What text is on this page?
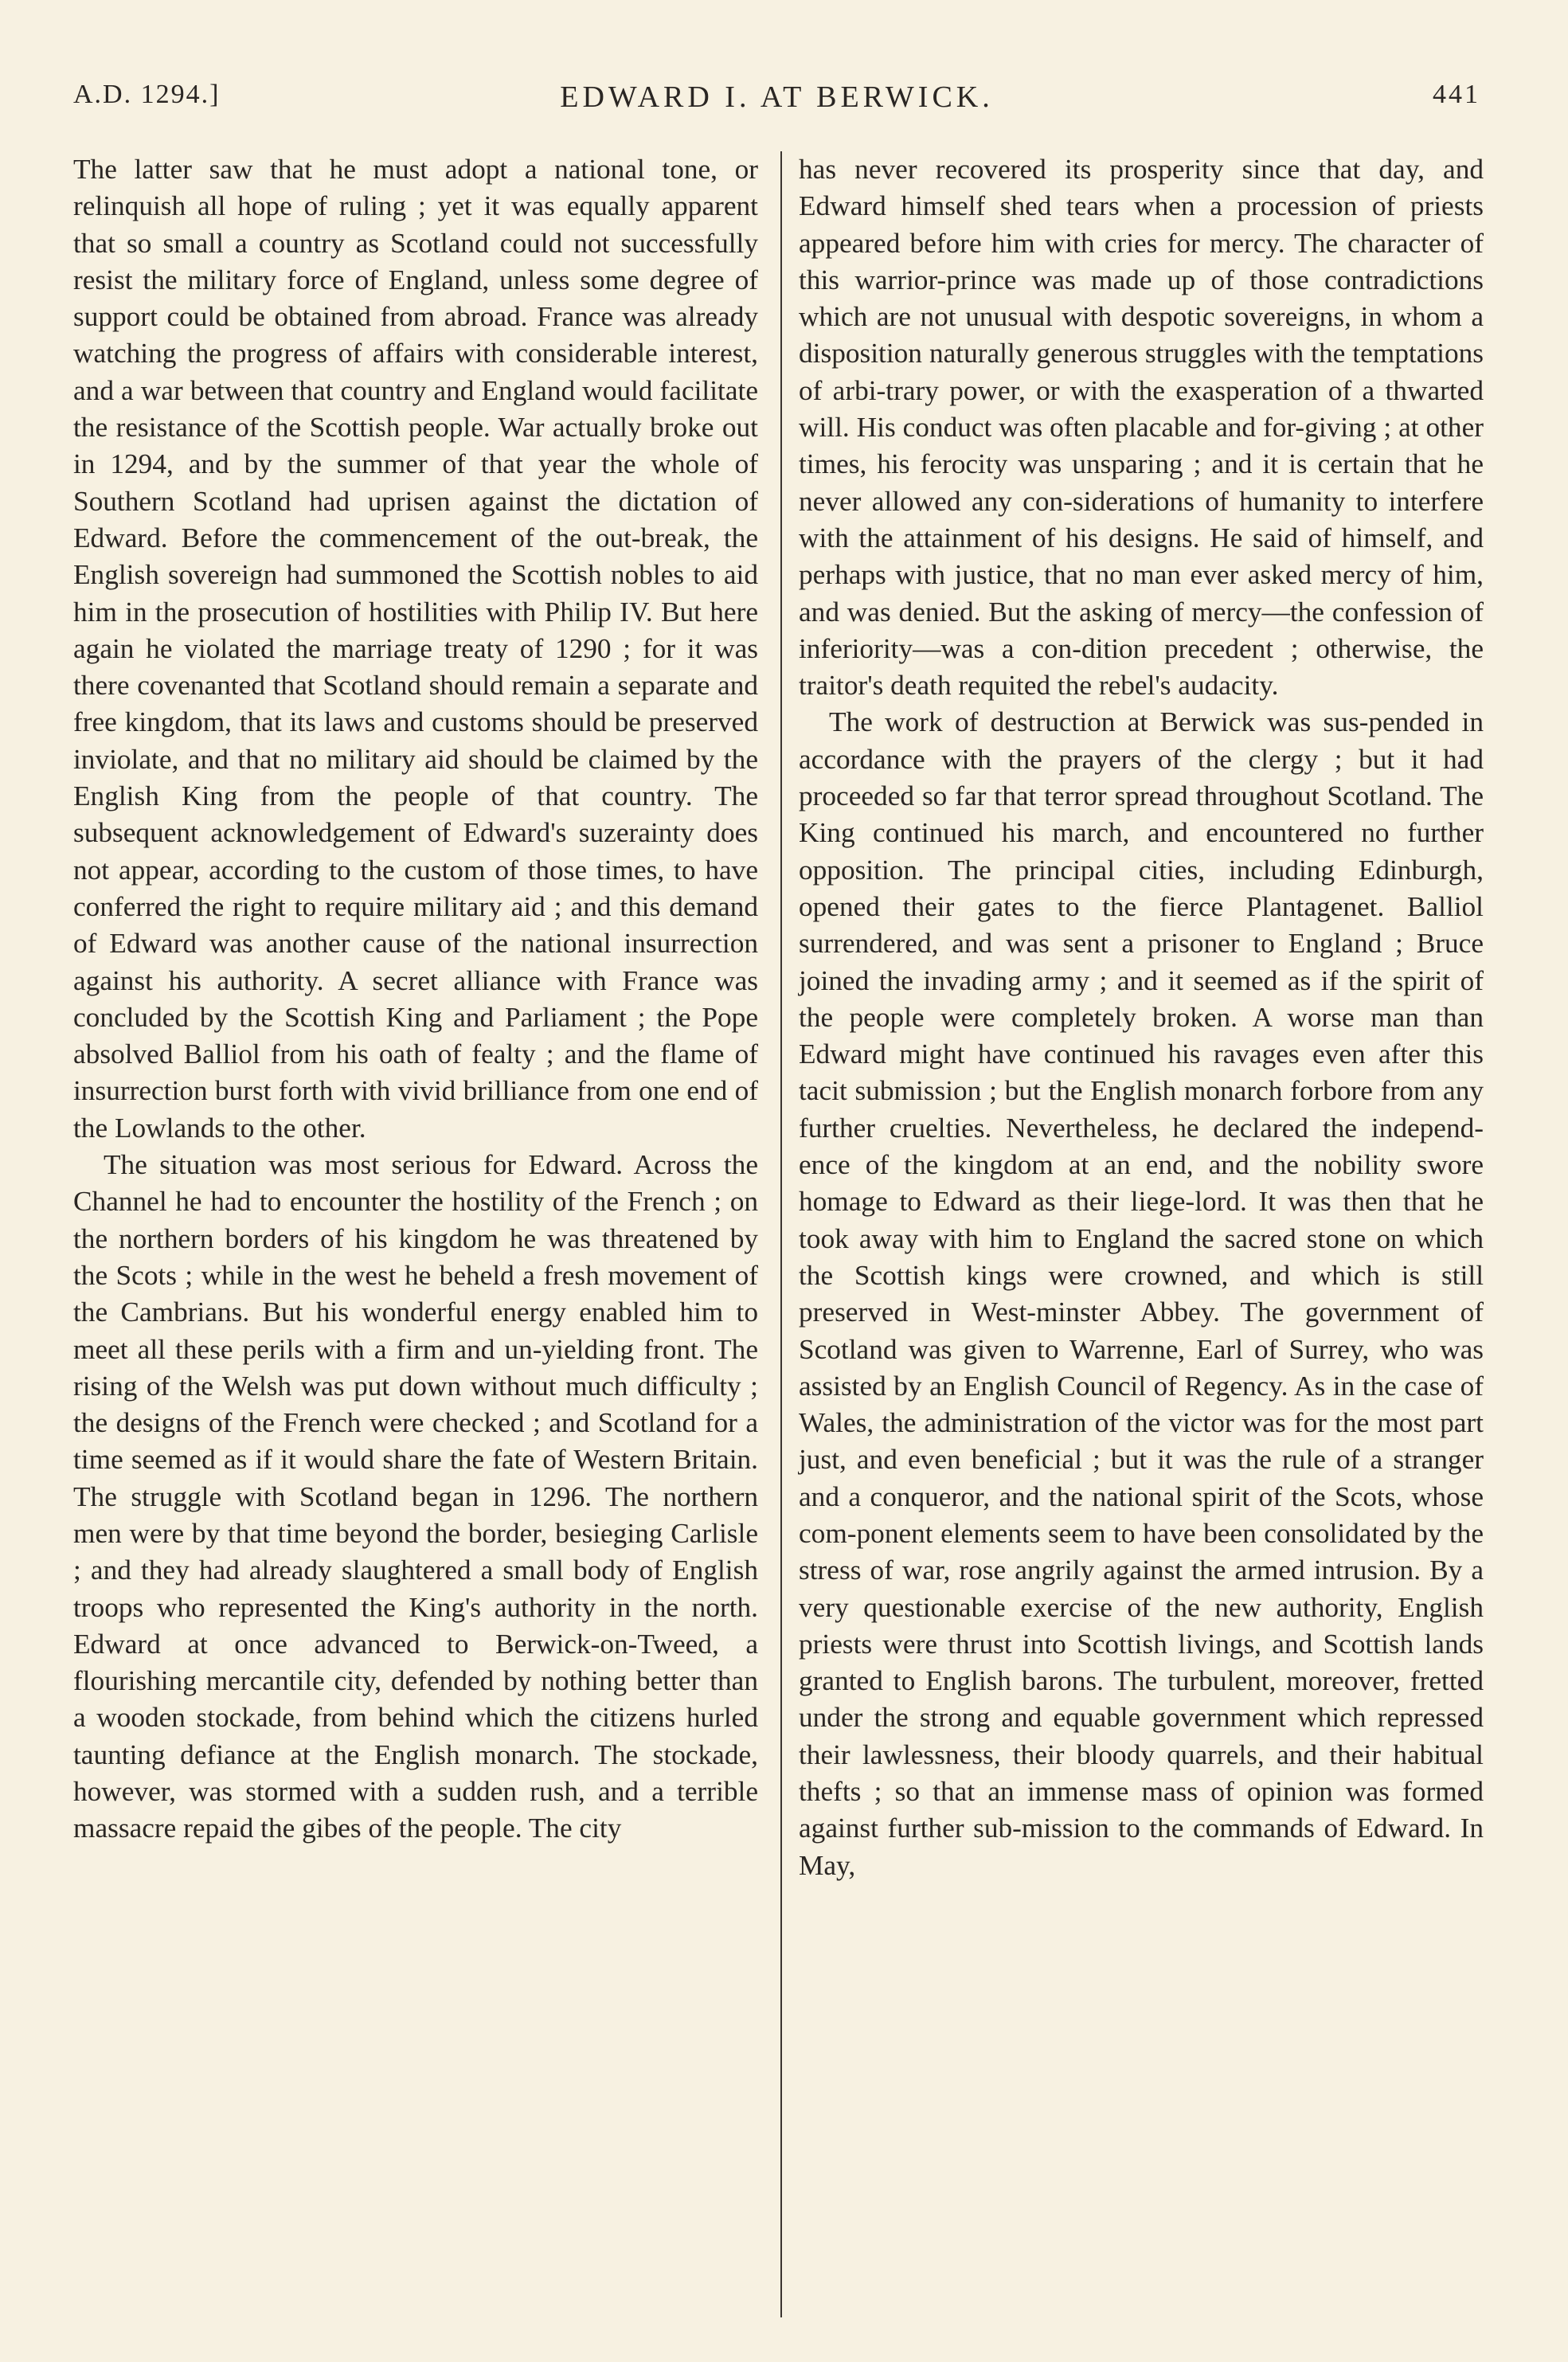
A.D. 1294.]	EDWARD I. AT BERWICK.	441

The latter saw that he must adopt a national tone, or relinquish all hope of ruling ; yet it was equally apparent that so small a country as Scotland could not successfully resist the military force of England, unless some degree of support could be obtained from abroad. France was already watching the progress of affairs with considerable interest, and a war between that country and England would facilitate the resistance of the Scottish people. War actually broke out in 1294, and by the summer of that year the whole of Southern Scotland had uprisen against the dictation of Edward. Before the commencement of the out-break, the English sovereign had summoned the Scottish nobles to aid him in the prosecution of hostilities with Philip IV. But here again he violated the marriage treaty of 1290 ; for it was there covenanted that Scotland should remain a separate and free kingdom, that its laws and customs should be preserved inviolate, and that no military aid should be claimed by the English King from the people of that country. The subsequent acknowledgement of Edward's suzerainty does not appear, according to the custom of those times, to have conferred the right to require military aid ; and this demand of Edward was another cause of the national insurrection against his authority. A secret alliance with France was concluded by the Scottish King and Parliament ; the Pope absolved Balliol from his oath of fealty ; and the flame of insurrection burst forth with vivid brilliance from one end of the Lowlands to the other.

The situation was most serious for Edward. Across the Channel he had to encounter the hostility of the French ; on the northern borders of his kingdom he was threatened by the Scots ; while in the west he beheld a fresh movement of the Cambrians. But his wonderful energy enabled him to meet all these perils with a firm and un-yielding front. The rising of the Welsh was put down without much difficulty ; the designs of the French were checked ; and Scotland for a time seemed as if it would share the fate of Western Britain. The struggle with Scotland began in 1296. The northern men were by that time beyond the border, besieging Carlisle ; and they had already slaughtered a small body of English troops who represented the King's authority in the north. Edward at once advanced to Berwick-on-Tweed, a flourishing mercantile city, defended by nothing better than a wooden stockade, from behind which the citizens hurled taunting defiance at the English monarch. The stockade, however, was stormed with a sudden rush, and a terrible massacre repaid the gibes of the people. The city

has never recovered its prosperity since that day, and Edward himself shed tears when a procession of priests appeared before him with cries for mercy. The character of this warrior-prince was made up of those contradictions which are not unusual with despotic sovereigns, in whom a disposition naturally generous struggles with the temptations of arbi-trary power, or with the exasperation of a thwarted will. His conduct was often placable and for-giving ; at other times, his ferocity was unsparing ; and it is certain that he never allowed any con-siderations of humanity to interfere with the attainment of his designs. He said of himself, and perhaps with justice, that no man ever asked mercy of him, and was denied. But the asking of mercy—the confession of inferiority—was a con-dition precedent ; otherwise, the traitor's death requited the rebel's audacity.

The work of destruction at Berwick was sus-pended in accordance with the prayers of the clergy ; but it had proceeded so far that terror spread throughout Scotland. The King continued his march, and encountered no further opposition. The principal cities, including Edinburgh, opened their gates to the fierce Plantagenet. Balliol surrendered, and was sent a prisoner to England ; Bruce joined the invading army ; and it seemed as if the spirit of the people were completely broken. A worse man than Edward might have continued his ravages even after this tacit submission ; but the English monarch forbore from any further cruelties. Nevertheless, he declared the independ-ence of the kingdom at an end, and the nobility swore homage to Edward as their liege-lord. It was then that he took away with him to England the sacred stone on which the Scottish kings were crowned, and which is still preserved in West-minster Abbey. The government of Scotland was given to Warrenne, Earl of Surrey, who was assisted by an English Council of Regency. As in the case of Wales, the administration of the victor was for the most part just, and even beneficial ; but it was the rule of a stranger and a conqueror, and the national spirit of the Scots, whose com-ponent elements seem to have been consolidated by the stress of war, rose angrily against the armed intrusion. By a very questionable exercise of the new authority, English priests were thrust into Scottish livings, and Scottish lands granted to English barons. The turbulent, moreover, fretted under the strong and equable government which repressed their lawlessness, their bloody quarrels, and their habitual thefts ; so that an immense mass of opinion was formed against further sub-mission to the commands of Edward. In May,
